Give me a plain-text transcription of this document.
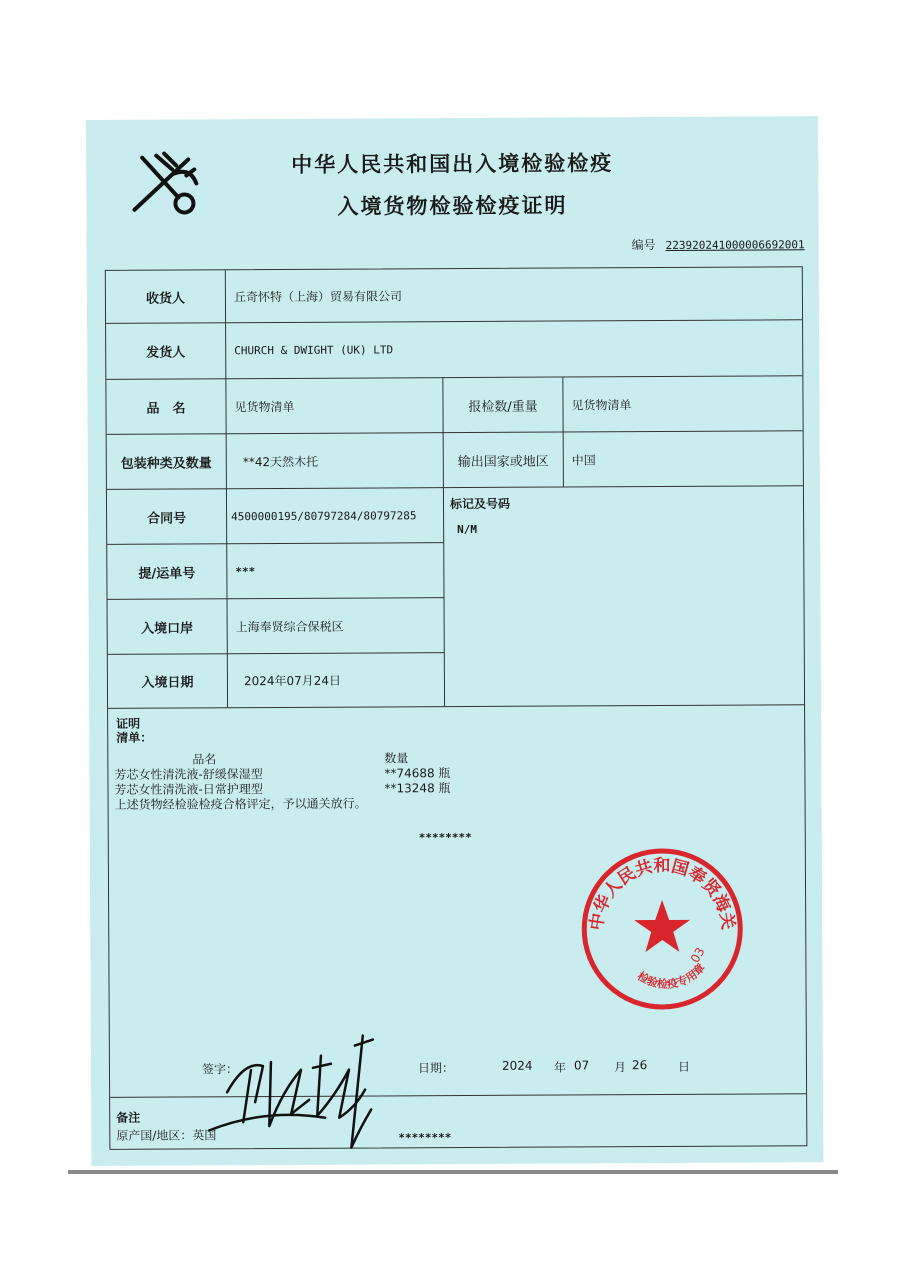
中华人民共和国出入境检验检疫
入境货物检验检疫证明
编号 223920241000006692001
收货人	丘奇怀特（上海）贸易有限公司
发货人	CHURCH & DWIGHT (UK) LTD
品　名	见货物清单	报检数/重量	见货物清单
包装种类及数量	**42天然木托	输出国家或地区	中国
合同号	4500000195/80797284/80797285
标记及号码
N/M
提/运单号	***
入境口岸	上海奉贤综合保税区
入境日期	2024年07月24日
证明
清单：
品名	数量
芳芯女性清洗液-舒缓保湿型	**74688 瓶
芳芯女性清洗液-日常护理型	**13248 瓶
上述货物经检验检疫合格评定，予以通关放行。
********
中华人民共和国奉贤海关
检验检疫专用章
03
签字：	日期：	2024 年 07 月 26	日
备注
原产国/地区：英国	********
